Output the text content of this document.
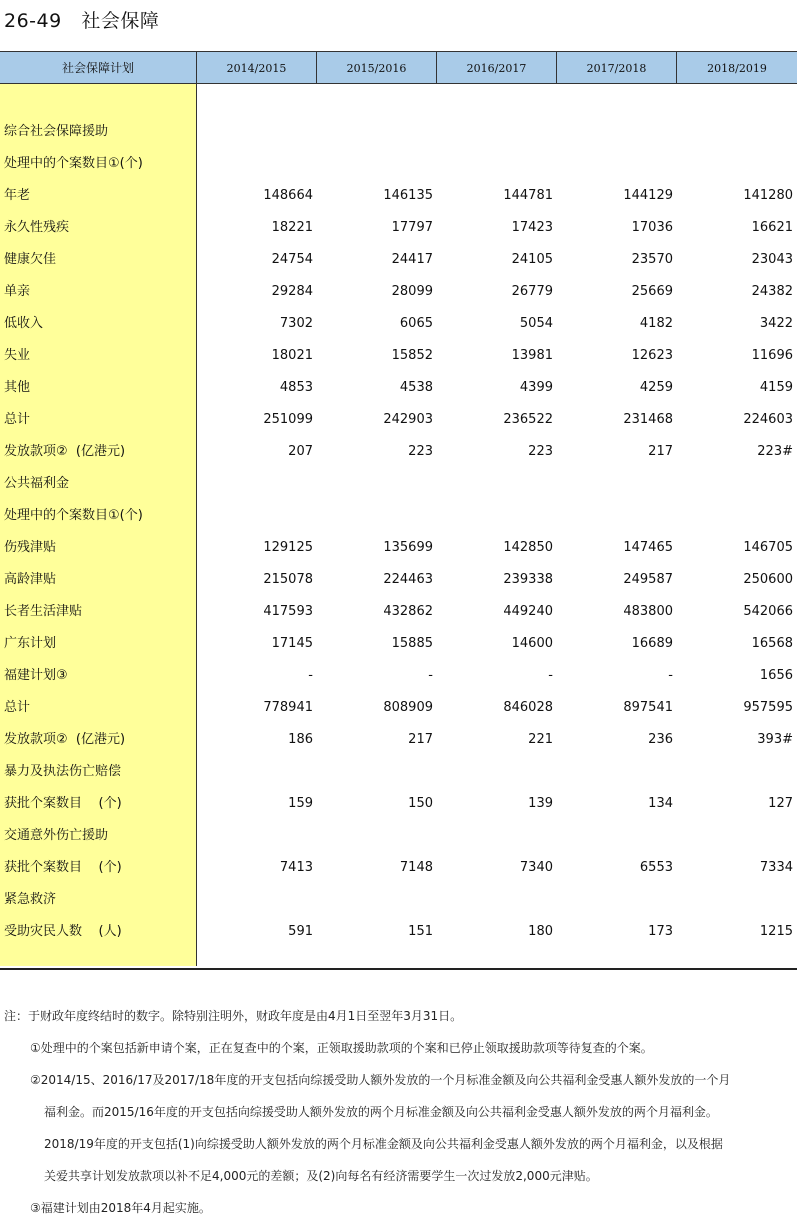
26-49   社会保障
社会保障计划	2014/2015	2015/2016	2016/2017	2017/2018	2018/2019
综合社会保障援助
处理中的个案数目①(个)
年老	148664	146135	144781	144129	141280
永久性残疾	18221	17797	17423	17036	16621
健康欠佳	24754	24417	24105	23570	23043
单亲	29284	28099	26779	25669	24382
低收入	7302	6065	5054	4182	3422
失业	18021	15852	13981	12623	11696
其他	4853	4538	4399	4259	4159
总计	251099	242903	236522	231468	224603
发放款项②  (亿港元)	207	223	223	217	223#
公共福利金
处理中的个案数目①(个)
伤残津贴	129125	135699	142850	147465	146705
高龄津贴	215078	224463	239338	249587	250600
长者生活津贴	417593	432862	449240	483800	542066
广东计划	17145	15885	14600	16689	16568
福建计划③	-	-	-	-	1656
总计	778941	808909	846028	897541	957595
发放款项②  (亿港元)	186	217	221	236	393#
暴力及执法伤亡赔偿
获批个案数目    (个)	159	150	139	134	127
交通意外伤亡援助
获批个案数目    (个)	7413	7148	7340	6553	7334
紧急救济
受助灾民人数    (人)	591	151	180	173	1215
注：于财政年度终结时的数字。除特别注明外，财政年度是由4月1日至翌年3月31日。
①处理中的个案包括新申请个案，正在复查中的个案，正领取援助款项的个案和已停止领取援助款项等待复查的个案。
②2014/15、2016/17及2017/18年度的开支包括向综援受助人额外发放的一个月标准金额及向公共福利金受惠人额外发放的一个月
福利金。而2015/16年度的开支包括向综援受助人额外发放的两个月标准金额及向公共福利金受惠人额外发放的两个月福利金。
2018/19年度的开支包括(1)向综援受助人额外发放的两个月标准金额及向公共福利金受惠人额外发放的两个月福利金，以及根据
关爱共享计划发放款项以补不足4,000元的差额；及(2)向每名有经济需要学生一次过发放2,000元津贴。
③福建计划由2018年4月起实施。
